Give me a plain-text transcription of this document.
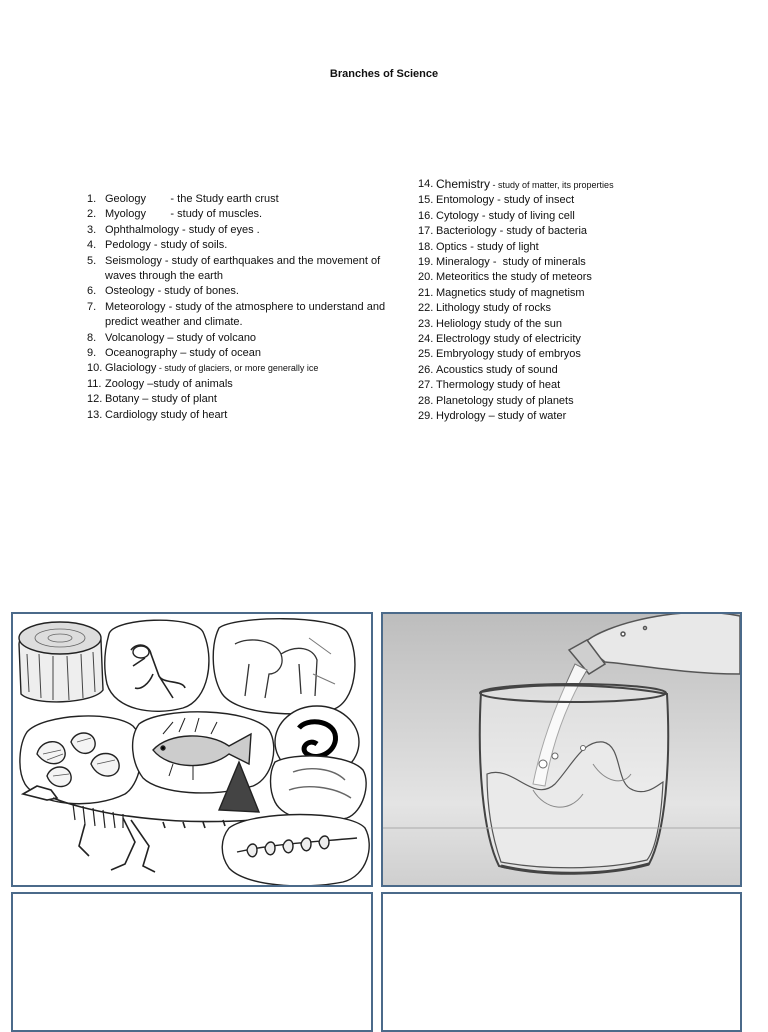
Branches of Science
1. Geology        - the Study earth crust
2. Myology        - study of muscles.
3. Ophthalmology - study of eyes .
4. Pedology - study of soils.
5. Seismology - study of earthquakes and the movement of waves through the earth
6. Osteology - study of bones.
7. Meteorology - study of the atmosphere to understand and predict weather and climate.
8. Volcanology – study of volcano
9. Oceanography – study of ocean
10. Glaciology - study of glaciers, or more generally ice
11. Zoology –study of animals
12. Botany – study of plant
13. Cardiology study of heart
14. Chemistry - study of matter, its properties
15. Entomology - study of insect
16. Cytology - study of living cell
17. Bacteriology - study of bacteria
18. Optics - study of light
19. Mineralogy -  study of minerals
20. Meteoritics the study of meteors
21. Magnetics study of magnetism
22. Lithology study of rocks
23. Heliology study of the sun
24. Electrology study of electricity
25. Embryology study of embryos
26. Acoustics study of sound
27. Thermology study of heat
28. Planetology study of planets
29. Hydrology – study of water
